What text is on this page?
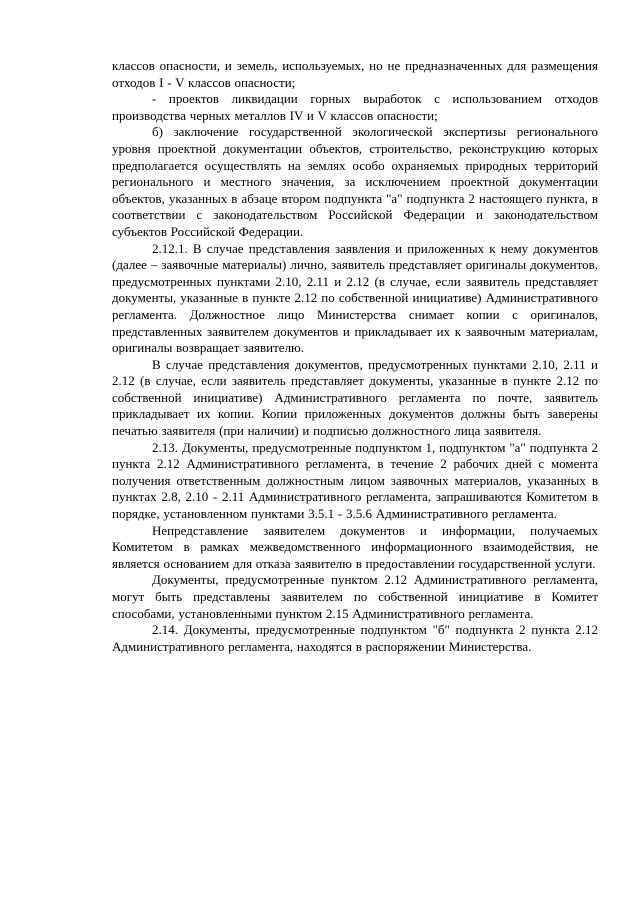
классов опасности, и земель, используемых, но не предназначенных для размещения отходов I - V классов опасности;

- проектов ликвидации горных выработок с использованием отходов производства черных металлов IV и V классов опасности;

б) заключение государственной экологической экспертизы регионального уровня проектной документации объектов, строительство, реконструкцию которых предполагается осуществлять на землях особо охраняемых природных территорий регионального и местного значения, за исключением проектной документации объектов, указанных в абзаце втором подпункта "а" подпункта 2 настоящего пункта, в соответствии с законодательством Российской Федерации и законодательством субъектов Российской Федерации.

2.12.1. В случае представления заявления и приложенных к нему документов (далее – заявочные материалы) лично, заявитель представляет оригиналы документов, предусмотренных пунктами 2.10, 2.11 и 2.12 (в случае, если заявитель представляет документы, указанные в пункте 2.12 по собственной инициативе) Административного регламента. Должностное лицо Министерства снимает копии с оригиналов, представленных заявителем документов и прикладывает их к заявочным материалам, оригиналы возвращает заявителю.

В случае представления документов, предусмотренных пунктами 2.10, 2.11 и 2.12 (в случае, если заявитель представляет документы, указанные в пункте 2.12 по собственной инициативе) Административного регламента по почте, заявитель прикладывает их копии. Копии приложенных документов должны быть заверены печатью заявителя (при наличии) и подписью должностного лица заявителя.

2.13. Документы, предусмотренные подпунктом 1, подпунктом "а" подпункта 2 пункта 2.12 Административного регламента, в течение 2 рабочих дней с момента получения ответственным должностным лицом заявочных материалов, указанных в пунктах 2.8, 2.10 - 2.11 Административного регламента, запрашиваются Комитетом в порядке, установленном пунктами 3.5.1 - 3.5.6 Административного регламента.

Непредставление заявителем документов и информации, получаемых Комитетом в рамках межведомственного информационного взаимодействия, не является основанием для отказа заявителю в предоставлении государственной услуги.

Документы, предусмотренные пунктом 2.12 Административного регламента, могут быть представлены заявителем по собственной инициативе в Комитет способами, установленными пунктом 2.15 Административного регламента.

2.14. Документы, предусмотренные подпунктом "б" подпункта 2 пункта 2.12 Административного регламента, находятся в распоряжении Министерства.
